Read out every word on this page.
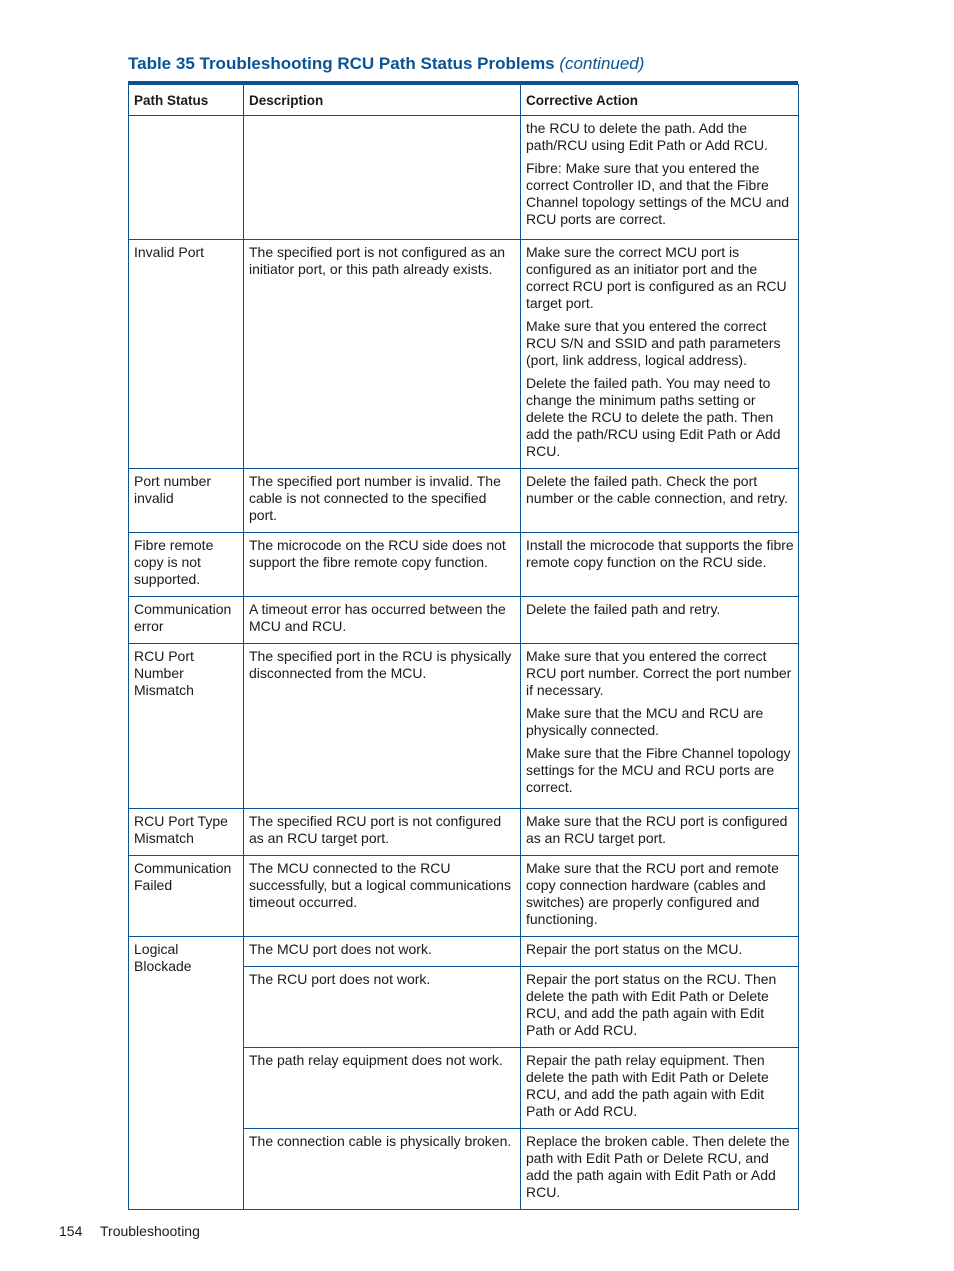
Table 35 Troubleshooting RCU Path Status Problems (continued)
Path Status	Description	Corrective Action

		the RCU to delete the path. Add the path/RCU using Edit Path or Add RCU.
Fibre: Make sure that you entered the correct Controller ID, and that the Fibre Channel topology settings of the MCU and RCU ports are correct.

Invalid Port	The specified port is not configured as an initiator port, or this path already exists.	Make sure the correct MCU port is configured as an initiator port and the correct RCU port is configured as an RCU target port.
Make sure that you entered the correct RCU S/N and SSID and path parameters (port, link address, logical address).
Delete the failed path. You may need to change the minimum paths setting or delete the RCU to delete the path. Then add the path/RCU using Edit Path or Add RCU.

Port number invalid	The specified port number is invalid. The cable is not connected to the specified port.	Delete the failed path. Check the port number or the cable connection, and retry.

Fibre remote copy is not supported.	The microcode on the RCU side does not support the fibre remote copy function.	Install the microcode that supports the fibre remote copy function on the RCU side.

Communication error	A timeout error has occurred between the MCU and RCU.	Delete the failed path and retry.

RCU Port Number Mismatch	The specified port in the RCU is physically disconnected from the MCU.	Make sure that you entered the correct RCU port number. Correct the port number if necessary.
Make sure that the MCU and RCU are physically connected.
Make sure that the Fibre Channel topology settings for the MCU and RCU ports are correct.

RCU Port Type Mismatch	The specified RCU port is not configured as an RCU target port.	Make sure that the RCU port is configured as an RCU target port.

Communication Failed	The MCU connected to the RCU successfully, but a logical communications timeout occurred.	Make sure that the RCU port and remote copy connection hardware (cables and switches) are properly configured and functioning.

Logical Blockade	The MCU port does not work.	Repair the port status on the MCU.
	The RCU port does not work.	Repair the port status on the RCU. Then delete the path with Edit Path or Delete RCU, and add the path again with Edit Path or Add RCU.
	The path relay equipment does not work.	Repair the path relay equipment. Then delete the path with Edit Path or Delete RCU, and add the path again with Edit Path or Add RCU.
	The connection cable is physically broken.	Replace the broken cable. Then delete the path with Edit Path or Delete RCU, and add the path again with Edit Path or Add RCU.
154 Troubleshooting
